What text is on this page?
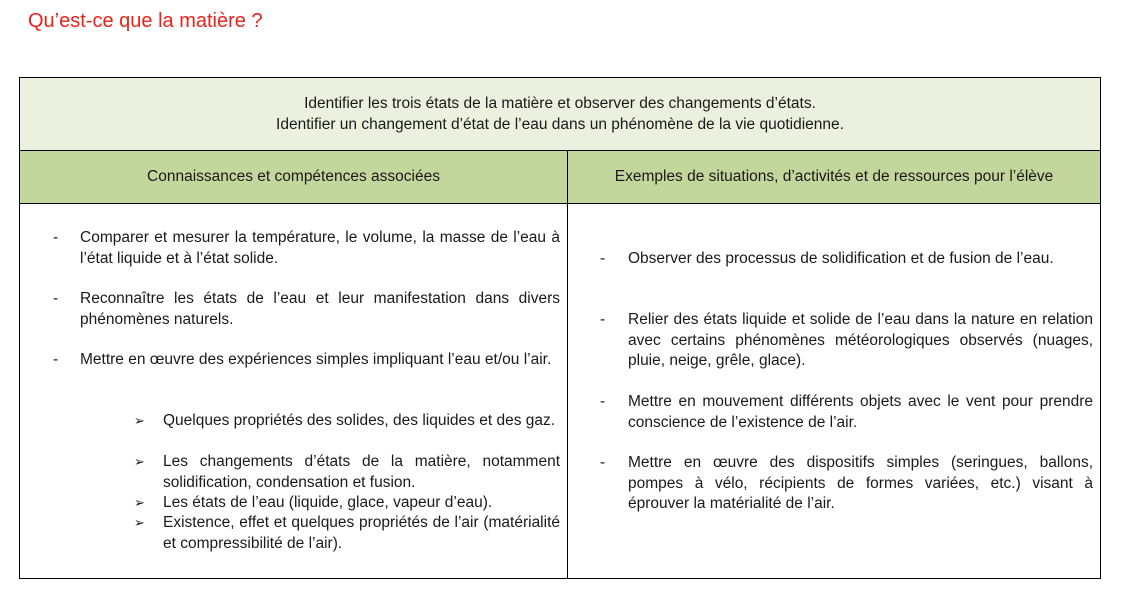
Qu’est-ce que la matière ?
Identifier les trois états de la matière et observer des changements d’états.
Identifier un changement d’état de l’eau dans un phénomène de la vie quotidienne.
Connaissances et compétences associées	Exemples de situations, d’activités et de ressources pour l’élève
- Comparer et mesurer la température, le volume, la masse de l’eau à l’état liquide et à l’état solide.
- Reconnaître les états de l’eau et leur manifestation dans divers phénomènes naturels.
- Mettre en œuvre des expériences simples impliquant l’eau et/ou l’air.
➢ Quelques propriétés des solides, des liquides et des gaz.
➢ Les changements d’états de la matière, notamment solidification, condensation et fusion.
➢ Les états de l’eau (liquide, glace, vapeur d’eau).
➢ Existence, effet et quelques propriétés de l’air (matérialité et compressibilité de l’air).
- Observer des processus de solidification et de fusion de l’eau.
- Relier des états liquide et solide de l’eau dans la nature en relation avec certains phénomènes météorologiques observés (nuages, pluie, neige, grêle, glace).
- Mettre en mouvement différents objets avec le vent pour prendre conscience de l’existence de l’air.
- Mettre en œuvre des dispositifs simples (seringues, ballons, pompes à vélo, récipients de formes variées, etc.) visant à éprouver la matérialité de l’air.
